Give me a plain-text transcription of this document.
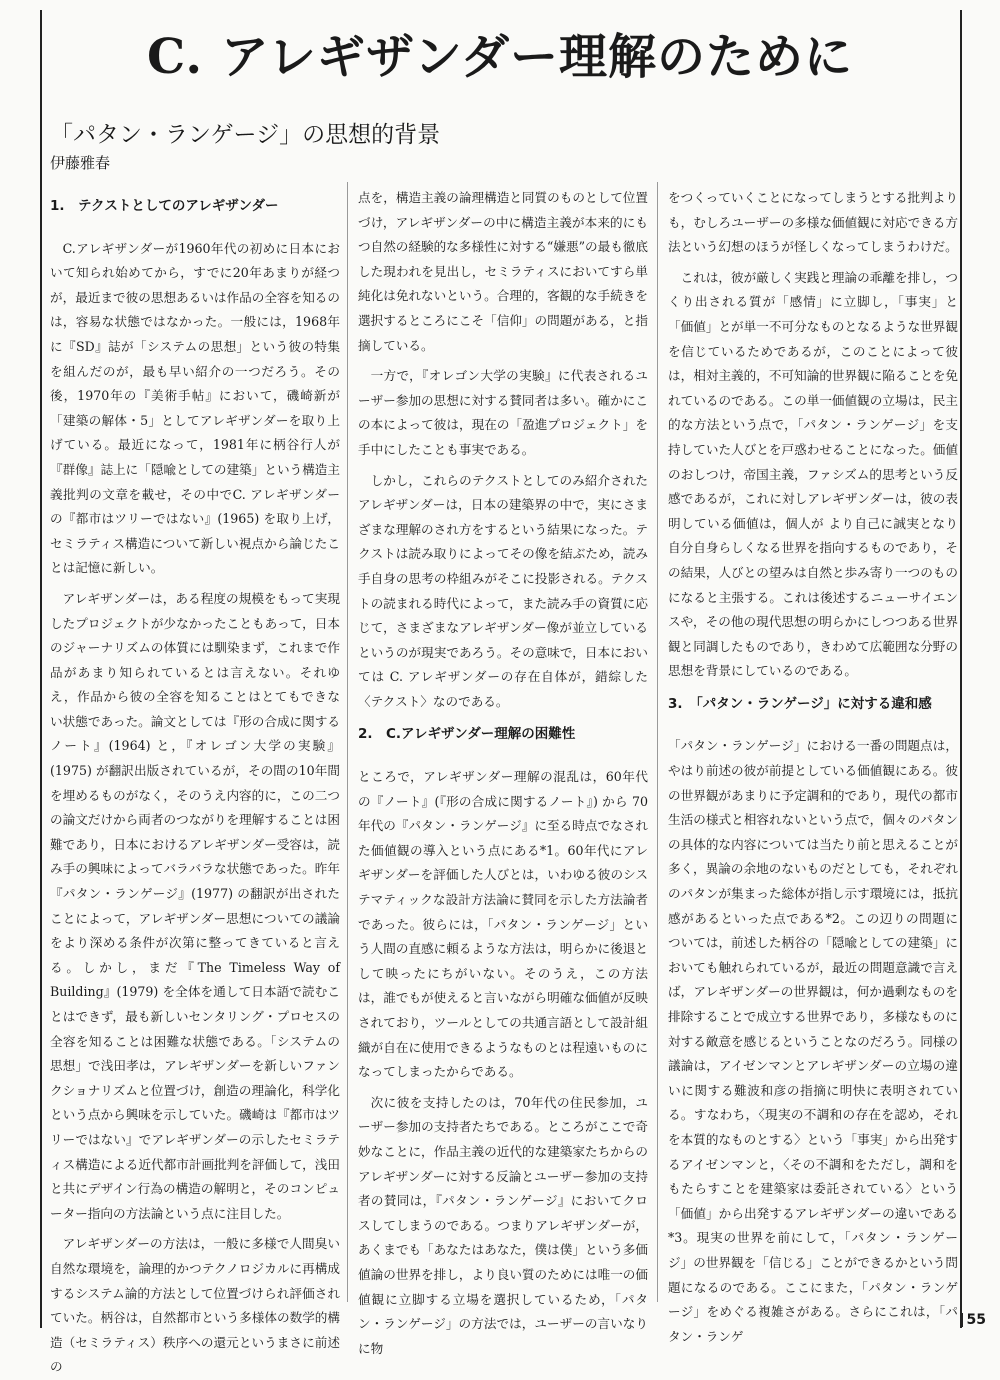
C. アレギザンダー理解のために
「パタン・ランゲージ」の思想的背景
伊藤雅春
1.　テクストとしてのアレギザンダー

C.アレギザンダーが1960年代の初めに日本において知られ始めてから，すでに20年あまりが経つが，最近まで彼の思想あるいは作品の全容を知るのは，容易な状態ではなかった。一般には，1968年に『SD』誌が「システムの思想」という彼の特集を組んだのが，最も早い紹介の一つだろう。その後，1970年の『美術手帖』において，磯崎新が「建築の解体・5」としてアレギザンダーを取り上げている。最近になって，1981年に柄谷行人が『群像』誌上に「隠喩としての建築」という構造主義批判の文章を載せ，その中でC. アレギザンダーの『都市はツリーではない』(1965) を取り上げ，セミラティス構造について新しい視点から論じたことは記憶に新しい。

アレギザンダーは，ある程度の規模をもって実現したプロジェクトが少なかったこともあって，日本のジャーナリズムの体質には馴染まず，これまで作品があまり知られているとは言えない。それゆえ，作品から彼の全容を知ることはとてもできない状態であった。論文としては『形の合成に関するノート』(1964) と，『オレゴン大学の実験』(1975) が翻訳出版されているが，その間の10年間を埋めるものがなく，そのうえ内容的に，この二つの論文だけから両者のつながりを理解することは困難であり，日本におけるアレギザンダー受容は，読み手の興味によってバラバラな状態であった。昨年『パタン・ランゲージ』(1977) の翻訳が出されたことによって，アレギザンダー思想についての議論をより深める条件が次第に整ってきていると言える。しかし，まだ『The Timeless Way of Building』(1979) を全体を通して日本語で読むことはできず，最も新しいセンタリング・プロセスの全容を知ることは困難な状態である。「システムの思想」で浅田孝は，アレギザンダーを新しいファンクショナリズムと位置づけ，創造の理論化，科学化という点から興味を示していた。磯崎は『都市はツリーではない』でアレギザンダーの示したセミラティス構造による近代都市計画批判を評価して，浅田と共にデザイン行為の構造の解明と，そのコンピューター指向の方法論という点に注目した。

アレギザンダーの方法は，一般に多様で人間臭い自然な環境を，論理的かつテクノロジカルに再構成するシステム論的方法として位置づけられ評価されていた。柄谷は，自然都市という多様体の数学的構造（セミラティス）秩序への還元というまさに前述の

点を，構造主義の論理構造と同質のものとして位置づけ，アレギザンダーの中に構造主義が本来的にもつ自然の経験的な多様性に対する“嫌悪”の最も徹底した現われを見出し，セミラティスにおいてすら単純化は免れないという。合理的，客観的な手続きを選択するところにこそ「信仰」の問題がある，と指摘している。

一方で，『オレゴン大学の実験』に代表されるユーザー参加の思想に対する賛同者は多い。確かにこの本によって彼は，現在の「盈進プロジェクト」を手中にしたことも事実である。

しかし，これらのテクストとしてのみ紹介されたアレギザンダーは，日本の建築界の中で，実にさまざまな理解のされ方をするという結果になった。テクストは読み取りによってその像を結ぶため，読み手自身の思考の枠組みがそこに投影される。テクストの読まれる時代によって，また読み手の資質に応じて，さまざまなアレギザンダー像が並立しているというのが現実であろう。その意味で，日本においては C. アレギザンダーの存在自体が，錯綜した〈テクスト〉なのである。

2.　C.アレギザンダー理解の困難性

ところで，アレギザンダー理解の混乱は，60年代の『ノート』(『形の合成に関するノート』) から 70年代の『パタン・ランゲージ』に至る時点でなされた価値観の導入という点にある*1。60年代にアレギザンダーを評価した人びとは，いわゆる彼のシステマティックな設計方法論に賛同を示した方法論者であった。彼らには，「パタン・ランゲージ」という人間の直感に頼るような方法は，明らかに後退として映ったにちがいない。そのうえ，この方法は，誰でもが使えると言いながら明確な価値が反映されており，ツールとしての共通言語として設計組織が自在に使用できるようなものとは程遠いものになってしまったからである。

次に彼を支持したのは，70年代の住民参加，ユーザー参加の支持者たちである。ところがここで奇妙なことに，作品主義の近代的な建築家たちからのアレギザンダーに対する反論とユーザー参加の支持者の賛同は，『パタン・ランゲージ』においてクロスしてしまうのである。つまりアレギザンダーが，あくまでも「あなたはあなた，僕は僕」という多価値論の世界を排し，より良い質のためには唯一の価値観に立脚する立場を選択しているため，「パタン・ランゲージ」の方法では，ユーザーの言いなりに物

をつくっていくことになってしまうとする批判よりも，むしろユーザーの多様な価値観に対応できる方法という幻想のほうが怪しくなってしまうわけだ。

これは，彼が厳しく実践と理論の乖離を排し，つくり出される質が「感情」に立脚し，「事実」と「価値」とが単一不可分なものとなるような世界観を信じているためであるが，このことによって彼は，相対主義的，不可知論的世界観に陥ることを免れているのである。この単一価値観の立場は，民主的な方法という点で，「パタン・ランゲージ」を支持していた人びとを戸惑わせることになった。価値のおしつけ，帝国主義，ファシズム的思考という反感であるが，これに対しアレギザンダーは，彼の表明している価値は，個人が より自己に誠実となり自分自身らしくなる世界を指向するものであり，その結果，人びとの望みは自然と歩み寄り一つのものになると主張する。これは後述するニューサイエンスや，その他の現代思想の明らかにしつつある世界観と同調したものであり，きわめて広範囲な分野の思想を背景にしているのである。

3.　「パタン・ランゲージ」に対する違和感

「パタン・ランゲージ」における一番の問題点は，やはり前述の彼が前提としている価値観にある。彼の世界観があまりに予定調和的であり，現代の都市生活の様式と相容れないという点で，個々のパタンの具体的な内容については当たり前と思えることが多く，異論の余地のないものだとしても，それぞれのパタンが集まった総体が指し示す環境には，抵抗感があるといった点である*2。この辺りの問題については，前述した柄谷の「隠喩としての建築」においても触れられているが，最近の問題意識で言えば，アレギザンダーの世界観は，何か過剰なものを排除することで成立する世界であり，多様なものに対する敵意を感じるということなのだろう。同様の議論は，アイゼンマンとアレギザンダーの立場の違いに関する難波和彦の指摘に明快に表明されている。すなわち，〈現実の不調和の存在を認め，それを本質的なものとする〉という「事実」から出発するアイゼンマンと，〈その不調和をただし，調和をもたらすことを建築家は委託されている〉という「価値」から出発するアレギザンダーの違いである*3。現実の世界を前にして，「パタン・ランゲージ」の世界観を「信じる」ことができるかという問題になるのである。ここにまた，「パタン・ランゲージ」をめぐる複雑さがある。さらにこれは，「パタン・ランゲ

55
